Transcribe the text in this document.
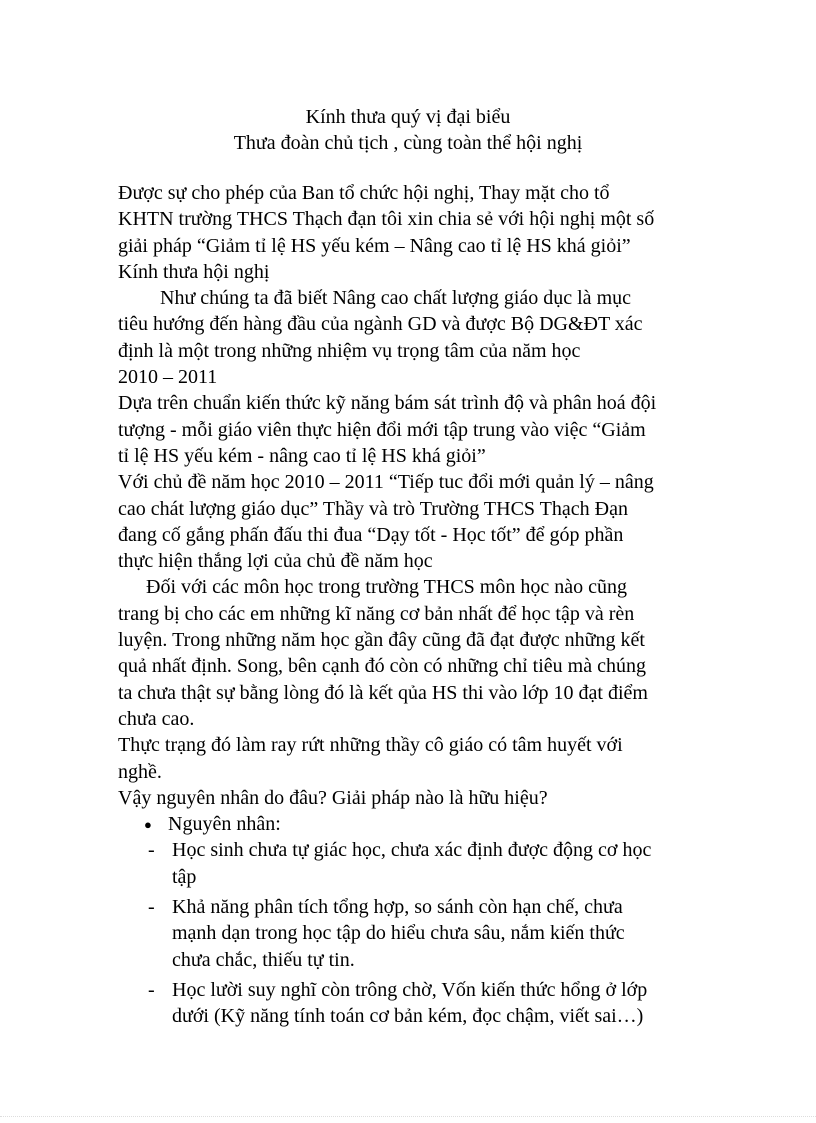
Kính thưa quý vị đại biểu
Thưa đoàn chủ tịch , cùng toàn thể hội nghị
Được sự cho phép của Ban tổ chức hội nghị, Thay mặt cho tổ
KHTN trường THCS Thạch đạn tôi xin chia sẻ với hội nghị một số
giải pháp “Giảm tỉ lệ HS yếu kém – Nâng cao tỉ lệ HS khá giỏi”
Kính thưa hội nghị
Như chúng ta đã biết Nâng cao chất lượng giáo dục là mục
tiêu hướng đến hàng đầu của ngành GD và được Bộ DG&ĐT xác
định là một trong những nhiệm vụ trọng tâm của năm học
2010 – 2011
Dựa trên chuẩn kiến thức kỹ năng bám sát trình độ và phân hoá đội
tượng - mỗi giáo viên thực hiện đổi mới tập trung vào việc “Giảm
tỉ lệ HS yếu kém - nâng cao tỉ lệ HS khá giỏi”
Với chủ đề năm học 2010 – 2011 “Tiếp tuc đổi mới quản lý – nâng
cao chát lượng giáo dục” Thầy và trò Trường THCS Thạch Đạn
đang cố gắng phấn đấu thi đua “Dạy tốt - Học tốt” để góp phần
thực hiện thắng lợi của chủ đề năm học
Đối với các môn học trong trường THCS môn học nào cũng
trang bị cho các em những kĩ năng cơ bản nhất để học tập và rèn
luyện. Trong những năm học gần đây cũng đã đạt được những kết
quả nhất định. Song, bên cạnh đó còn có những chỉ tiêu mà chúng
ta chưa thật sự bằng lòng đó là kết qủa HS thi vào lớp 10 đạt điểm
chưa cao.
Thực trạng đó làm ray rứt những thầy cô giáo có tâm huyết với
nghề.
Vậy nguyên nhân do đâu? Giải pháp nào là hữu hiệu?
● Nguyên nhân:
- Học sinh chưa tự giác học, chưa xác định được động cơ học
tập
- Khả năng phân tích tổng hợp, so sánh còn hạn chế, chưa
mạnh dạn trong học tập do hiểu chưa sâu, nắm kiến thức
chưa chắc, thiếu tự tin.
- Học lười suy nghĩ còn trông chờ, Vốn kiến thức hổng ở lớp
dưới (Kỹ năng tính toán cơ bản kém, đọc chậm, viết sai…)
